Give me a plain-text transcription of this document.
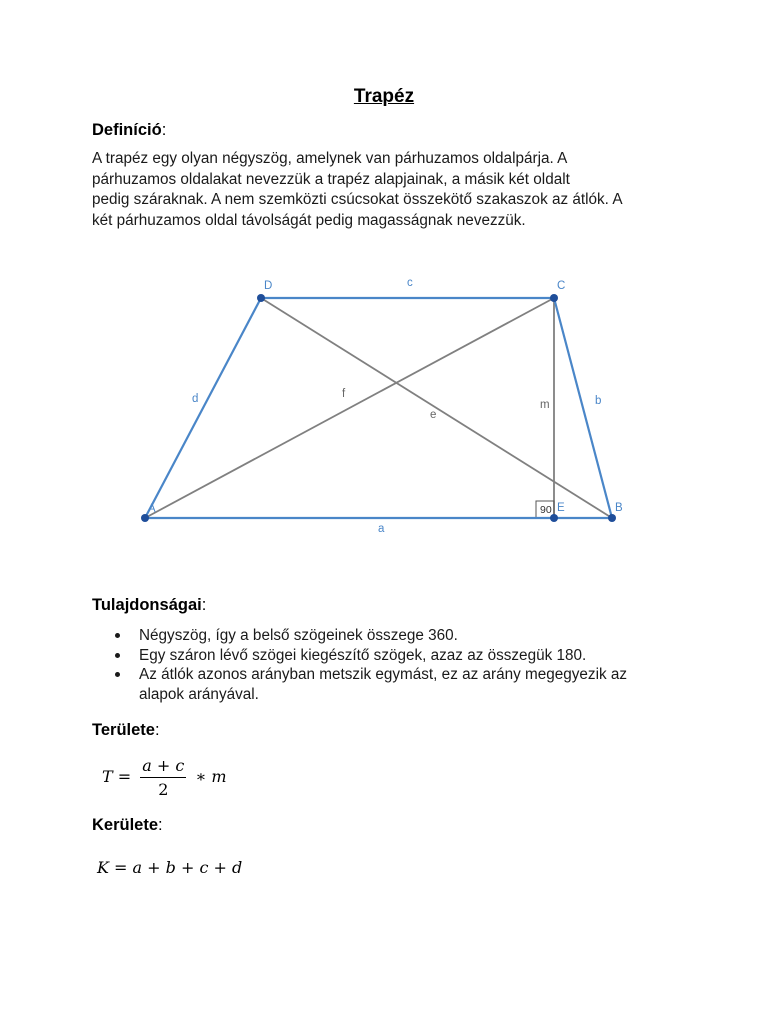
Trapéz
Definíció:
A trapéz egy olyan négyszög, amelynek van párhuzamos oldalpárja. A
párhuzamos oldalakat nevezzük a trapéz alapjainak, a másik két oldalt
pedig száraknak. A nem szemközti csúcsokat összekötő szakaszok az átlók. A
két párhuzamos oldal távolságát pedig magasságnak nevezzük.
A	B
C
D
E
a
b
c
d
e
f
m
90
Tulajdonságai:
Négyszög, így a belső szögeinek összege 360.
Egy száron lévő szögei kiegészítő szögek, azaz az összegük 180.
Az átlók azonos arányban metszik egymást, ez az arány megegyezik az
alapok arányával.
Területe:
$T = \frac{a + c}{2}$ ∗ m
Kerülete:
K = a + b + c + d
